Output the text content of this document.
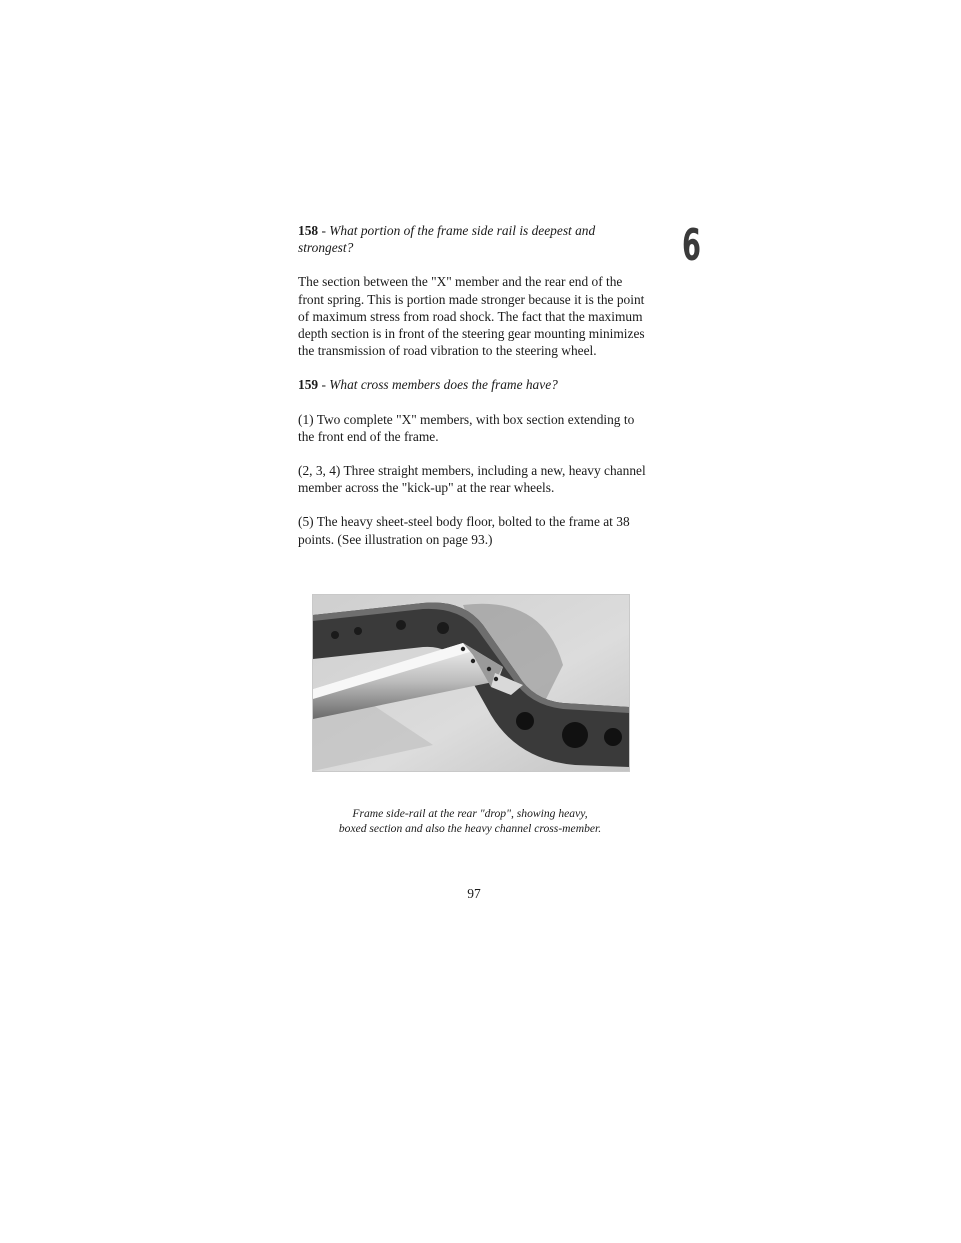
6

158 - What portion of the frame side rail is deepest and strongest?

The section between the "X" member and the rear end of the front spring. This is portion made stronger because it is the point of maximum stress from road shock. The fact that the maximum depth section is in front of the steering gear mounting minimizes the transmission of road vibration to the steering wheel.

159 - What cross members does the frame have?

(1) Two complete "X" members, with box section extending to the front end of the frame.

(2, 3, 4) Three straight members, including a new, heavy channel member across the "kick-up" at the rear wheels.

(5) The heavy sheet-steel body floor, bolted to the frame at 38 points. (See illustration on page 93.)

Frame side-rail at the rear "drop", showing heavy,
boxed section and also the heavy channel cross-member.
97
